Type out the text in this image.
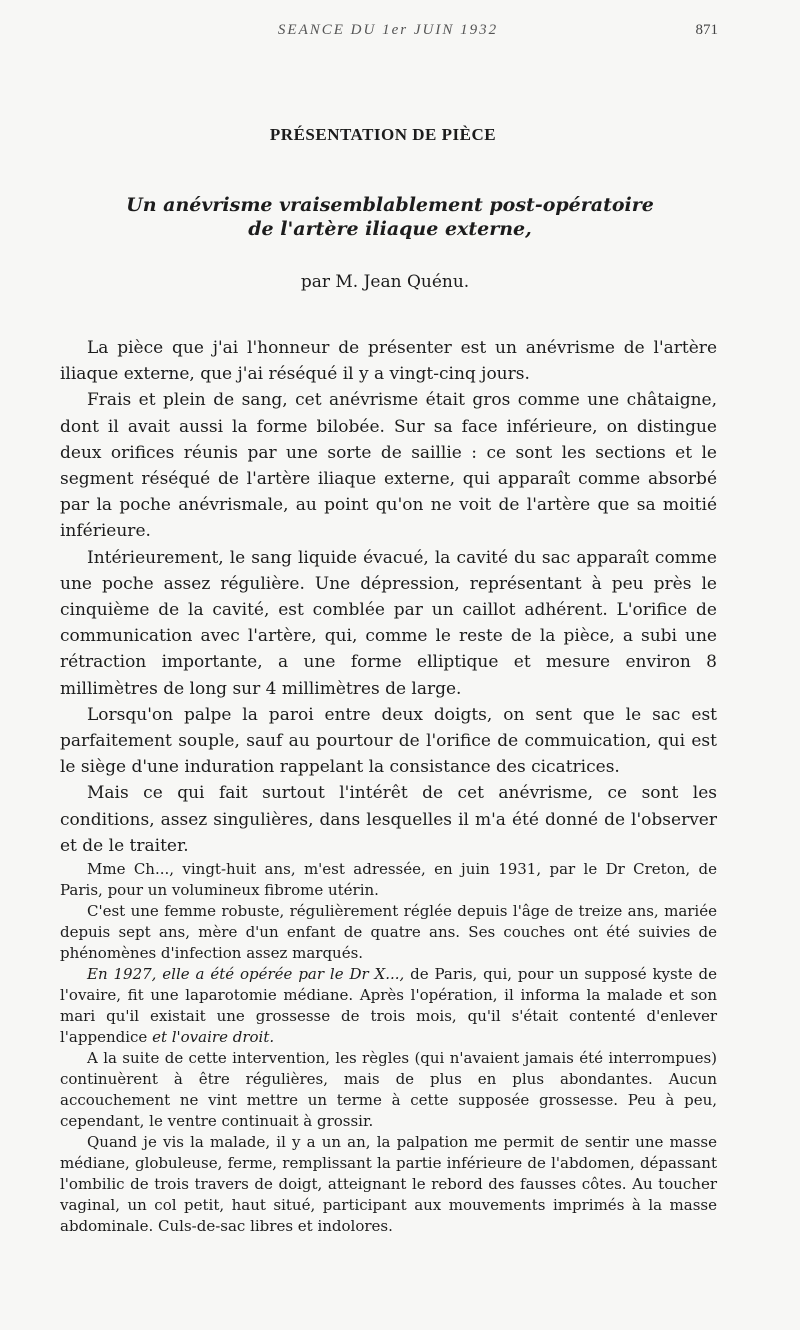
SEANCE DU 1er JUIN 1932	871
PRÉSENTATION DE PIÈCE
Un anévrisme vraisemblablement post-opératoire
de l'artère iliaque externe,
par M. Jean Quénu.

La pièce que j'ai l'honneur de présenter est un anévrisme de l'artère iliaque externe, que j'ai réséqué il y a vingt-cinq jours.

Frais et plein de sang, cet anévrisme était gros comme une châtaigne, dont il avait aussi la forme bilobée. Sur sa face inférieure, on distingue deux orifices réunis par une sorte de saillie : ce sont les sections et le segment réséqué de l'artère iliaque externe, qui apparaît comme absorbé par la poche anévrismale, au point qu'on ne voit de l'artère que sa moitié inférieure.

Intérieurement, le sang liquide évacué, la cavité du sac apparaît comme une poche assez régulière. Une dépression, représentant à peu près le cinquième de la cavité, est comblée par un caillot adhérent. L'orifice de communication avec l'artère, qui, comme le reste de la pièce, a subi une rétraction importante, a une forme elliptique et mesure environ 8 millimètres de long sur 4 millimètres de large.

Lorsqu'on palpe la paroi entre deux doigts, on sent que le sac est parfaitement souple, sauf au pourtour de l'orifice de commuication, qui est le siège d'une induration rappelant la consistance des cicatrices.

Mais ce qui fait surtout l'intérêt de cet anévrisme, ce sont les conditions, assez singulières, dans lesquelles il m'a été donné de l'observer et de le traiter.

Mme Ch..., vingt-huit ans, m'est adressée, en juin 1931, par le Dr Creton, de Paris, pour un volumineux fibrome utérin.

C'est une femme robuste, régulièrement réglée depuis l'âge de treize ans, mariée depuis sept ans, mère d'un enfant de quatre ans. Ses couches ont été suivies de phénomènes d'infection assez marqués.

En 1927, elle a été opérée par le Dr X..., de Paris, qui, pour un supposé kyste de l'ovaire, fit une laparotomie médiane. Après l'opération, il informa la malade et son mari qu'il existait une grossesse de trois mois, qu'il s'était contenté d'enlever l'appendice et l'ovaire droit.

A la suite de cette intervention, les règles (qui n'avaient jamais été interrompues) continuèrent à être régulières, mais de plus en plus abondantes. Aucun accouchement ne vint mettre un terme à cette supposée grossesse. Peu à peu, cependant, le ventre continuait à grossir.

Quand je vis la malade, il y a un an, la palpation me permit de sentir une masse médiane, globuleuse, ferme, remplissant la partie inférieure de l'abdomen, dépassant l'ombilic de trois travers de doigt, atteignant le rebord des fausses côtes. Au toucher vaginal, un col petit, haut situé, participant aux mouvements imprimés à la masse abdominale. Culs-de-sac libres et indolores.
